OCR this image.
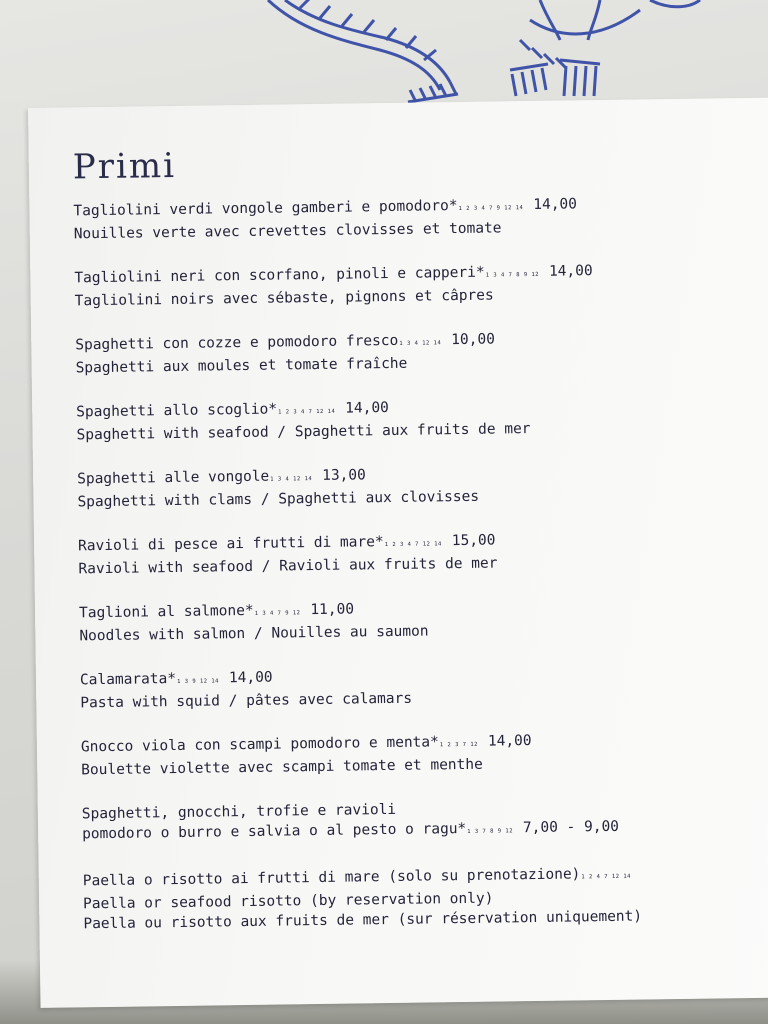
Primi
Tagliolini verdi vongole gamberi e pomodoro*1 2 3 4 7 9 12 14 14,00
Nouilles verte avec crevettes clovisses et tomate
Tagliolini neri con scorfano, pinoli e capperi*1 3 4 7 8 9 12 14,00
Tagliolini noirs avec sébaste, pignons et câpres
Spaghetti con cozze e pomodoro fresco1 3 4 12 14 10,00
Spaghetti aux moules et tomate fraîche
Spaghetti allo scoglio*1 2 3 4 7 12 14 14,00
Spaghetti with seafood / Spaghetti aux fruits de mer
Spaghetti alle vongole1 3 4 12 14 13,00
Spaghetti with clams / Spaghetti aux clovisses
Ravioli di pesce ai frutti di mare*1 2 3 4 7 12 14 15,00
Ravioli with seafood / Ravioli aux fruits de mer
Taglioni al salmone*1 3 4 7 9 12 11,00
Noodles with salmon / Nouilles au saumon
Calamarata*1 3 9 12 14 14,00
Pasta with squid / pâtes avec calamars
Gnocco viola con scampi pomodoro e menta*1 2 3 7 12 14,00
Boulette violette avec scampi tomate et menthe
Spaghetti, gnocchi, trofie e ravioli
pomodoro o burro e salvia o al pesto o ragu*1 3 7 8 9 12 7,00 - 9,00
Paella o risotto ai frutti di mare (solo su prenotazione)1 2 4 7 12 14
Paella or seafood risotto (by reservation only)
Paella ou risotto aux fruits de mer (sur réservation uniquement)
